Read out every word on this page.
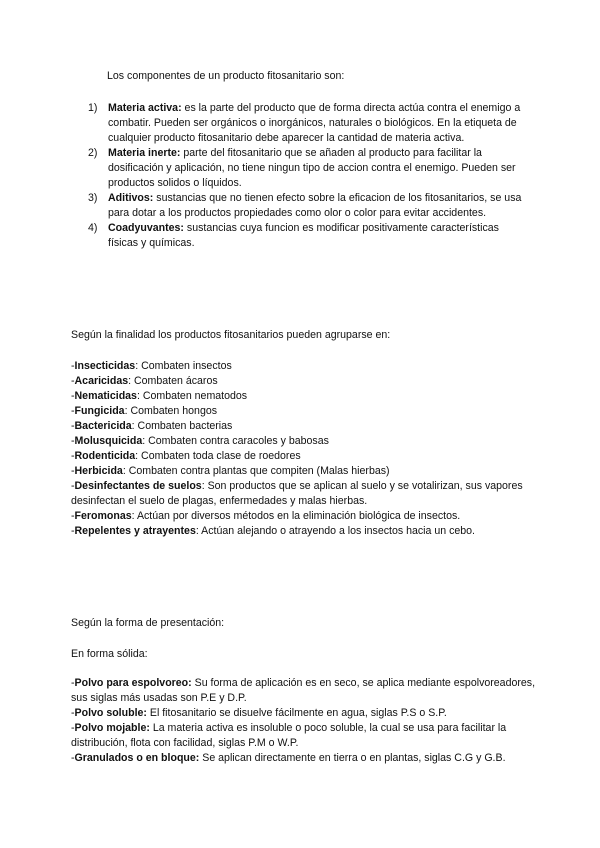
Los componentes de un producto fitosanitario son:

1) Materia activa: es la parte del producto que de forma directa actúa contra el enemigo a combatir. Pueden ser orgánicos o inorgánicos, naturales o biológicos. En la etiqueta de cualquier producto fitosanitario debe aparecer la cantidad de materia activa.
2) Materia inerte: parte del fitosanitario que se añaden al producto para facilitar la dosificación y aplicación, no tiene ningun tipo de accion contra el enemigo. Pueden ser productos solidos o líquidos.
3) Aditivos: sustancias que no tienen efecto sobre la eficacion de los fitosanitarios, se usa para dotar a los productos propiedades como olor o color para evitar accidentes.
4) Coadyuvantes: sustancias cuya funcion es modificar positivamente características físicas y químicas.

Según la finalidad los productos fitosanitarios pueden agruparse en:

-Insecticidas: Combaten insectos
-Acaricidas: Combaten ácaros
-Nematicidas: Combaten nematodos
-Fungicida: Combaten hongos
-Bactericida: Combaten bacterias
-Molusquicida: Combaten contra caracoles y babosas
-Rodenticida: Combaten toda clase de roedores
-Herbicida: Combaten contra plantas que compiten (Malas hierbas)
-Desinfectantes de suelos: Son productos que se aplican al suelo y se votalirizan, sus vapores desinfectan el suelo de plagas, enfermedades y malas hierbas.
-Feromonas: Actúan por diversos métodos en la eliminación biológica de insectos.
-Repelentes y atrayentes: Actúan alejando o atrayendo a los insectos hacia un cebo.

Según la forma de presentación:

En forma sólida:

-Polvo para espolvoreo: Su forma de aplicación es en seco, se aplica mediante espolvoreadores, sus siglas más usadas son P.E y D.P.
-Polvo soluble: El fitosanitario se disuelve fácilmente en agua, siglas P.S o S.P.
-Polvo mojable: La materia activa es insoluble o poco soluble, la cual se usa para facilitar la distribución, flota con facilidad, siglas P.M o W.P.
-Granulados o en bloque: Se aplican directamente en tierra o en plantas, siglas C.G y G.B.
